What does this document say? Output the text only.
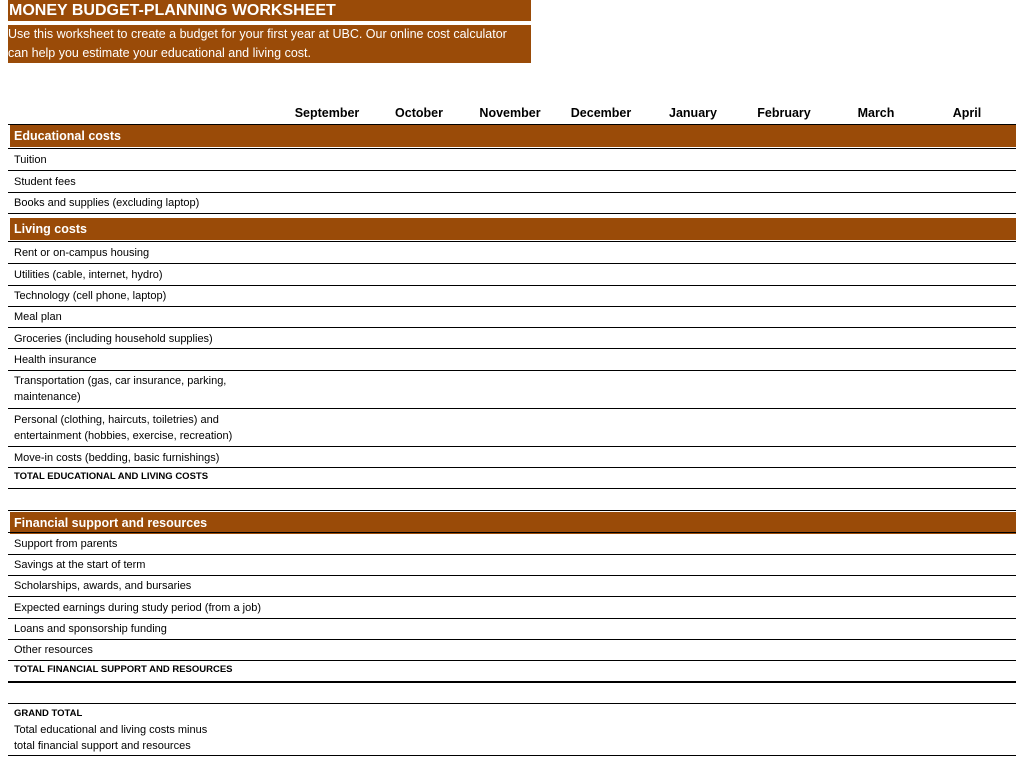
MONEY BUDGET-PLANNING WORKSHEET
Use this worksheet to create a budget for your first year at UBC. Our online cost calculator
can help you estimate your educational and living cost.
September	October	November	December	January	February	March	April
Educational costs
Tuition
Student fees
Books and supplies (excluding laptop)
Living costs
Rent or on-campus housing
Utilities (cable, internet, hydro)
Technology (cell phone, laptop)
Meal plan
Groceries (including household supplies)
Health insurance
Transportation (gas, car insurance, parking,
maintenance)
Personal (clothing, haircuts, toiletries) and
entertainment (hobbies, exercise, recreation)
Move-in costs (bedding, basic furnishings)
TOTAL EDUCATIONAL AND LIVING COSTS
Financial support and resources
Support from parents
Savings at the start of term
Scholarships, awards, and bursaries
Expected earnings during study period (from a job)
Loans and sponsorship funding
Other resources
TOTAL FINANCIAL SUPPORT AND RESOURCES
GRAND TOTAL
Total educational and living costs minus
total financial support and resources
